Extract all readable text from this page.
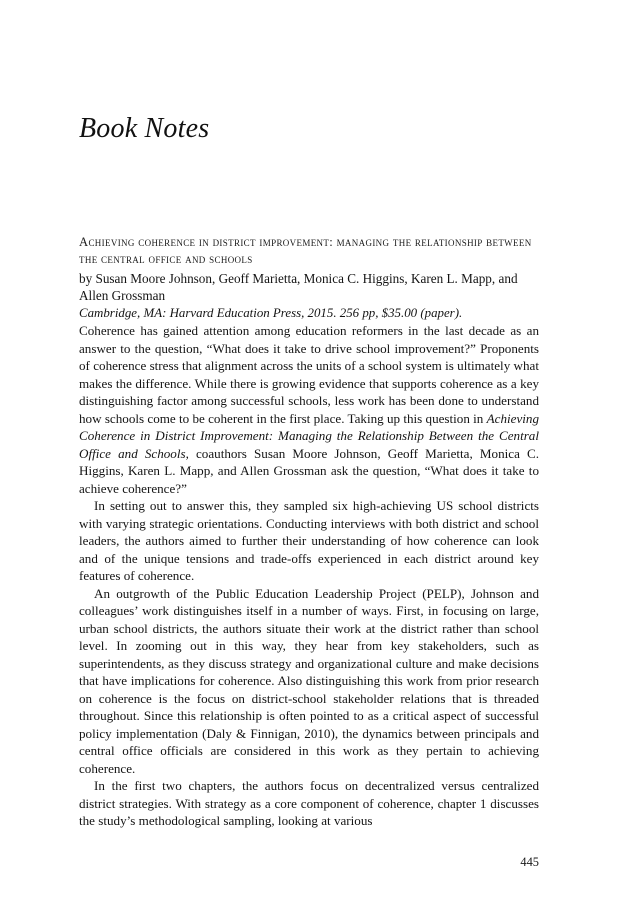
Book Notes
Achieving coherence in district improvement: managing the relationship between the central office and schools
by Susan Moore Johnson, Geoff Marietta, Monica C. Higgins, Karen L. Mapp, and Allen Grossman
Cambridge, MA: Harvard Education Press, 2015. 256 pp, $35.00 (paper).

Coherence has gained attention among education reformers in the last decade as an answer to the question, “What does it take to drive school improvement?” Proponents of coherence stress that alignment across the units of a school system is ultimately what makes the difference. While there is growing evidence that supports coherence as a key distinguishing factor among successful schools, less work has been done to understand how schools come to be coherent in the first place. Taking up this question in Achieving Coherence in District Improvement: Managing the Relationship Between the Central Office and Schools, coauthors Susan Moore Johnson, Geoff Marietta, Monica C. Higgins, Karen L. Mapp, and Allen Grossman ask the question, “What does it take to achieve coherence?”

In setting out to answer this, they sampled six high-achieving US school districts with varying strategic orientations. Conducting interviews with both district and school leaders, the authors aimed to further their understanding of how coherence can look and of the unique tensions and trade-offs experienced in each district around key features of coherence.

An outgrowth of the Public Education Leadership Project (PELP), Johnson and colleagues’ work distinguishes itself in a number of ways. First, in focusing on large, urban school districts, the authors situate their work at the district rather than school level. In zooming out in this way, they hear from key stakeholders, such as superintendents, as they discuss strategy and organizational culture and make decisions that have implications for coherence. Also distinguishing this work from prior research on coherence is the focus on district-school stakeholder relations that is threaded throughout. Since this relationship is often pointed to as a critical aspect of successful policy implementation (Daly & Finnigan, 2010), the dynamics between principals and central office officials are considered in this work as they pertain to achieving coherence.

In the first two chapters, the authors focus on decentralized versus centralized district strategies. With strategy as a core component of coherence, chapter 1 discusses the study’s methodological sampling, looking at various

445
